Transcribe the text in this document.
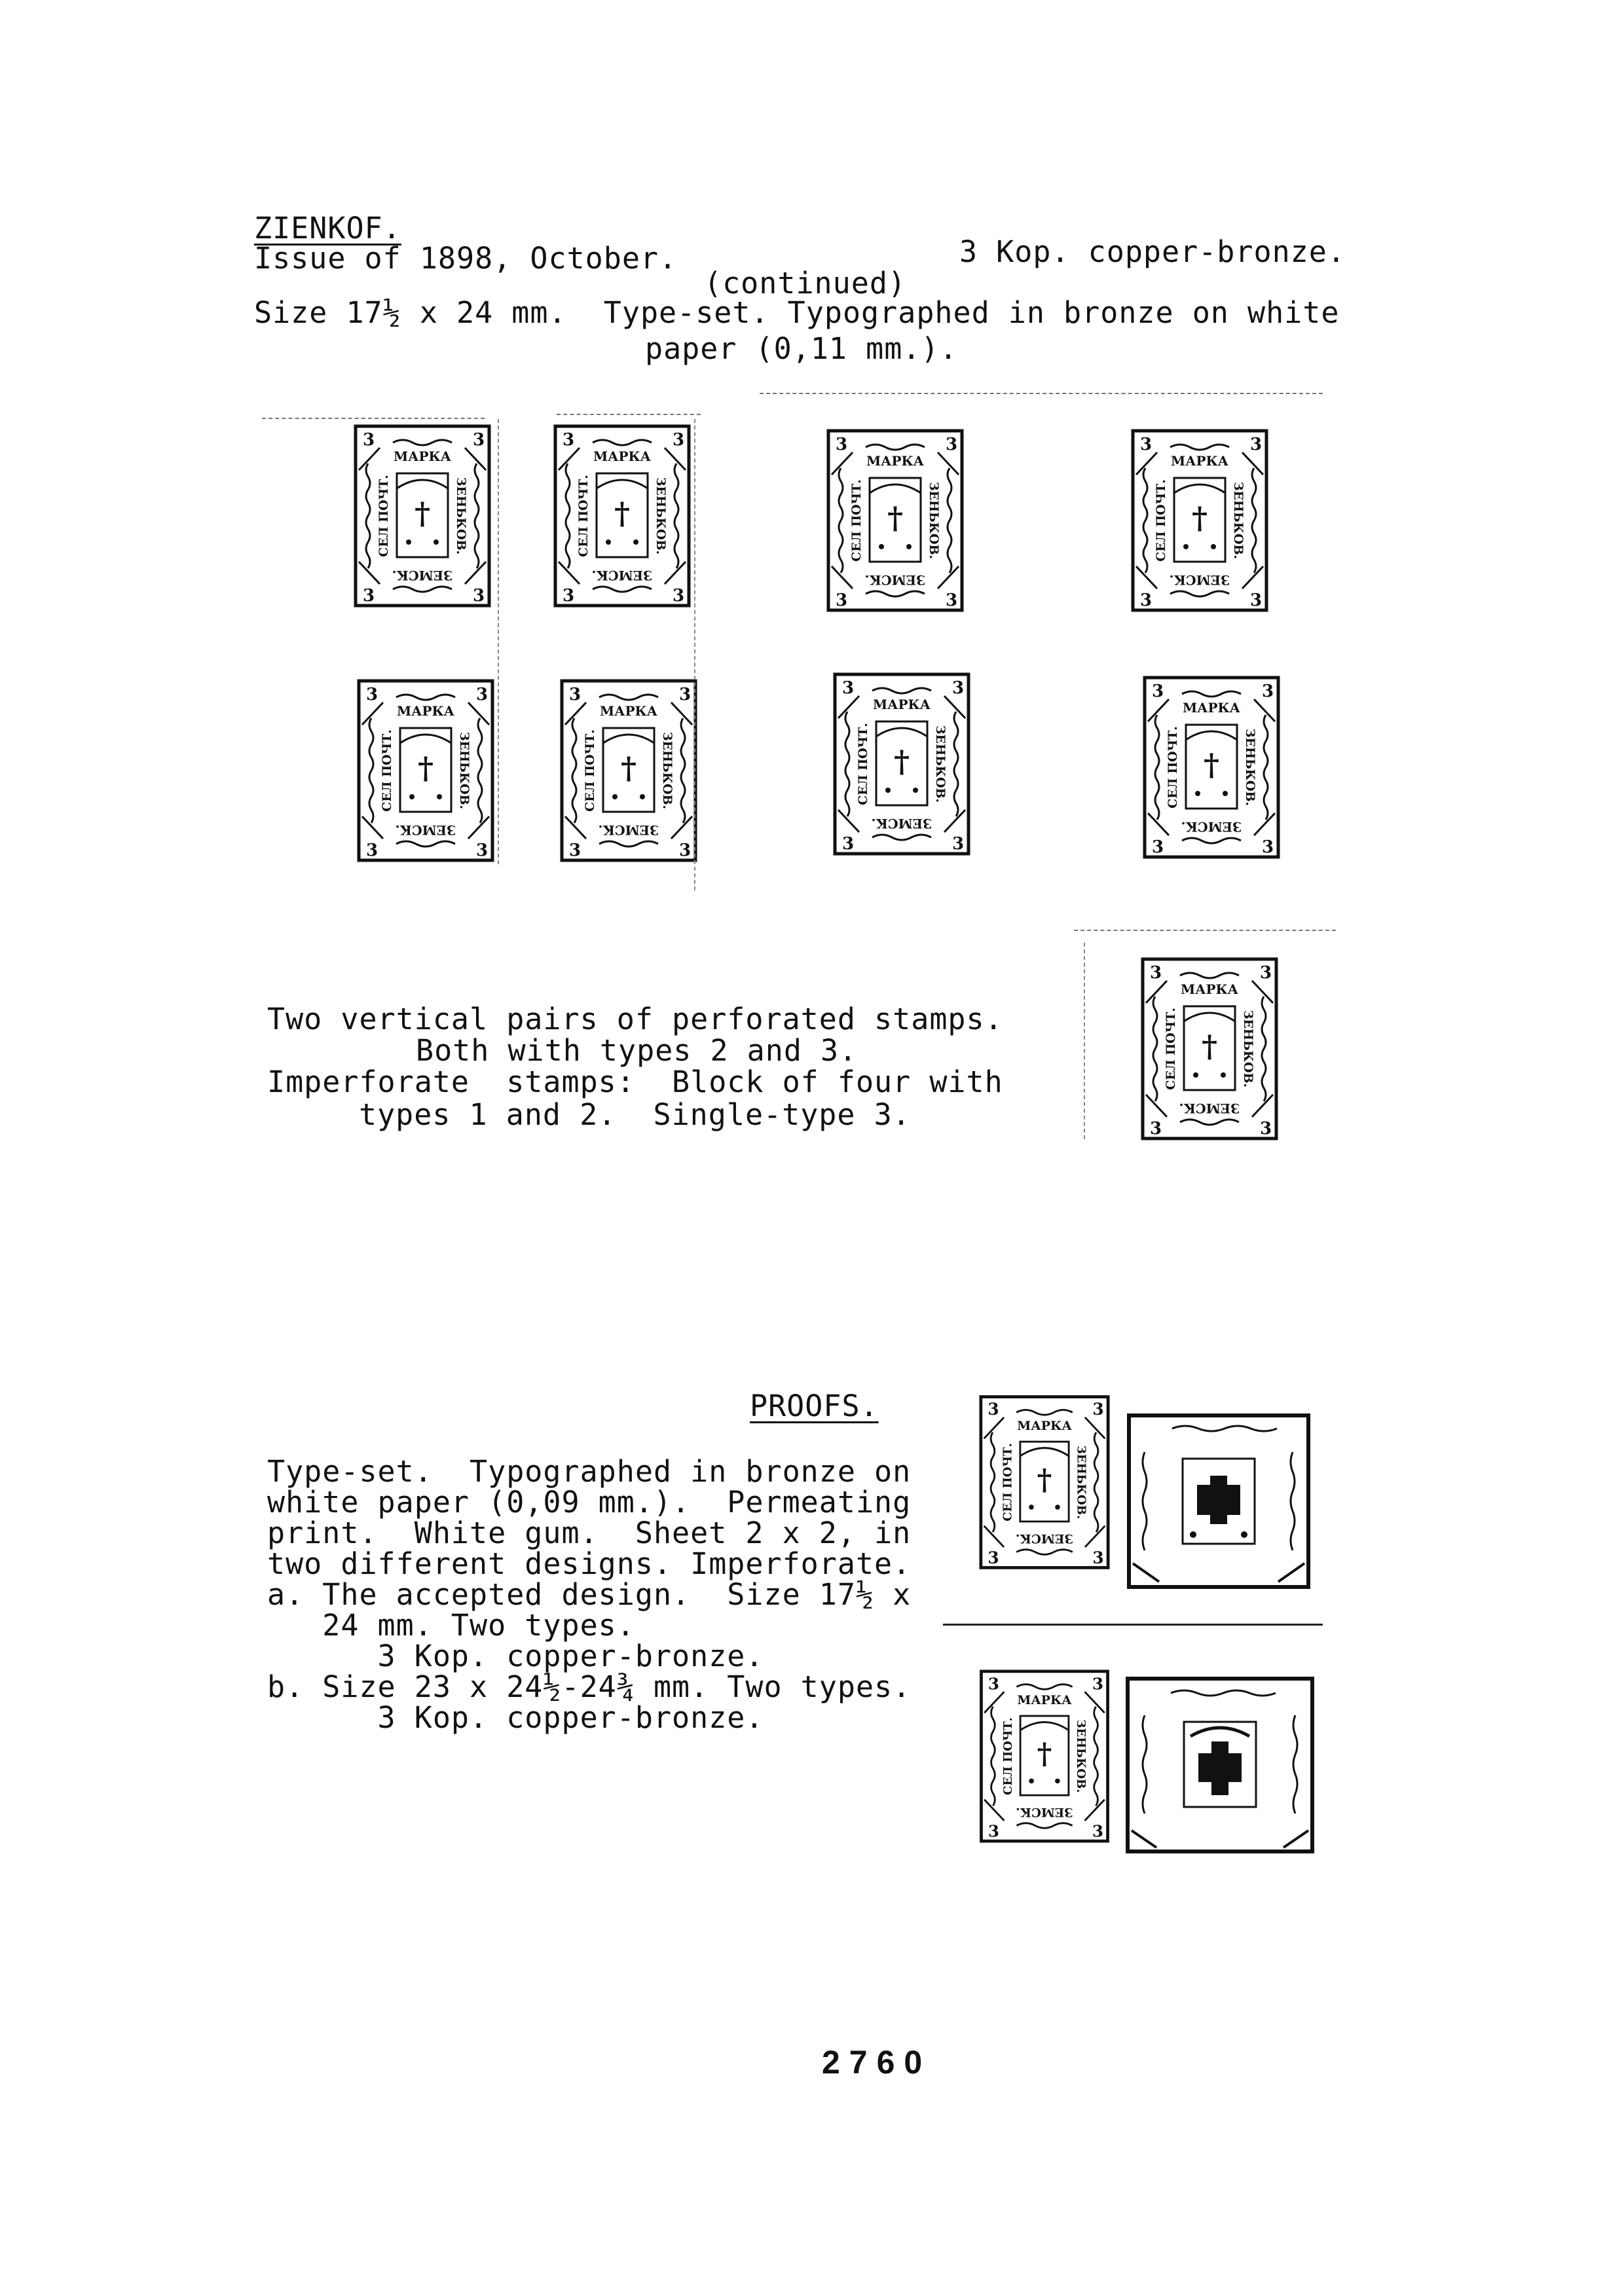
ZIENKOF.
Issue of 1898, October.	3 Kop. copper-bronze.
(continued)
Size 17½ x 24 mm.  Type-set. Typographed in bronze on white
paper (0,11 mm.).
3	3
3	3
МАРКА
ЗЕМСК.
СЕЛ ПОЧТ.	ЗЕНЬКОВ.
†
3	3
3	3
МАРКА
ЗЕМСК.
СЕЛ ПОЧТ.	ЗЕНЬКОВ.
†
3	3
3	3
МАРКА
ЗЕМСК.
СЕЛ ПОЧТ.	ЗЕНЬКОВ.
†
3	3
3	3
МАРКА
ЗЕМСК.
СЕЛ ПОЧТ.	ЗЕНЬКОВ.
†
3	3
3	3
МАРКА
ЗЕМСК.
СЕЛ ПОЧТ.	ЗЕНЬКОВ.
†
3	3
3	3
МАРКА
ЗЕМСК.
СЕЛ ПОЧТ.	ЗЕНЬКОВ.
†
3	3
3	3
МАРКА
ЗЕМСК.
СЕЛ ПОЧТ.	ЗЕНЬКОВ.
†
3	3
3	3
МАРКА
ЗЕМСК.
СЕЛ ПОЧТ.	ЗЕНЬКОВ.
†
3	3
3	3
МАРКА
ЗЕМСК.
СЕЛ ПОЧТ.	ЗЕНЬКОВ.
†
Two vertical pairs of perforated stamps.
Both with types 2 and 3.
Imperforate  stamps:  Block of four with
types 1 and 2.  Single-type 3.
PROOFS.
Type-set.  Typographed in bronze on
white paper (0,09 mm.).  Permeating
print.  White gum.  Sheet 2 x 2, in
two different designs. Imperforate.
a. The accepted design.  Size 17½ x
24 mm. Two types.
3 Kop. copper-bronze.
b. Size 23 x 24½-24¾ mm. Two types.
3 Kop. copper-bronze.
3	3
3	3
МАРКА
ЗЕМСК.
СЕЛ ПОЧТ.	ЗЕНЬКОВ.
†
3	3
3	3
МАРКА
ЗЕМСК.
СЕЛ ПОЧТ.	ЗЕНЬКОВ.
†
2760
